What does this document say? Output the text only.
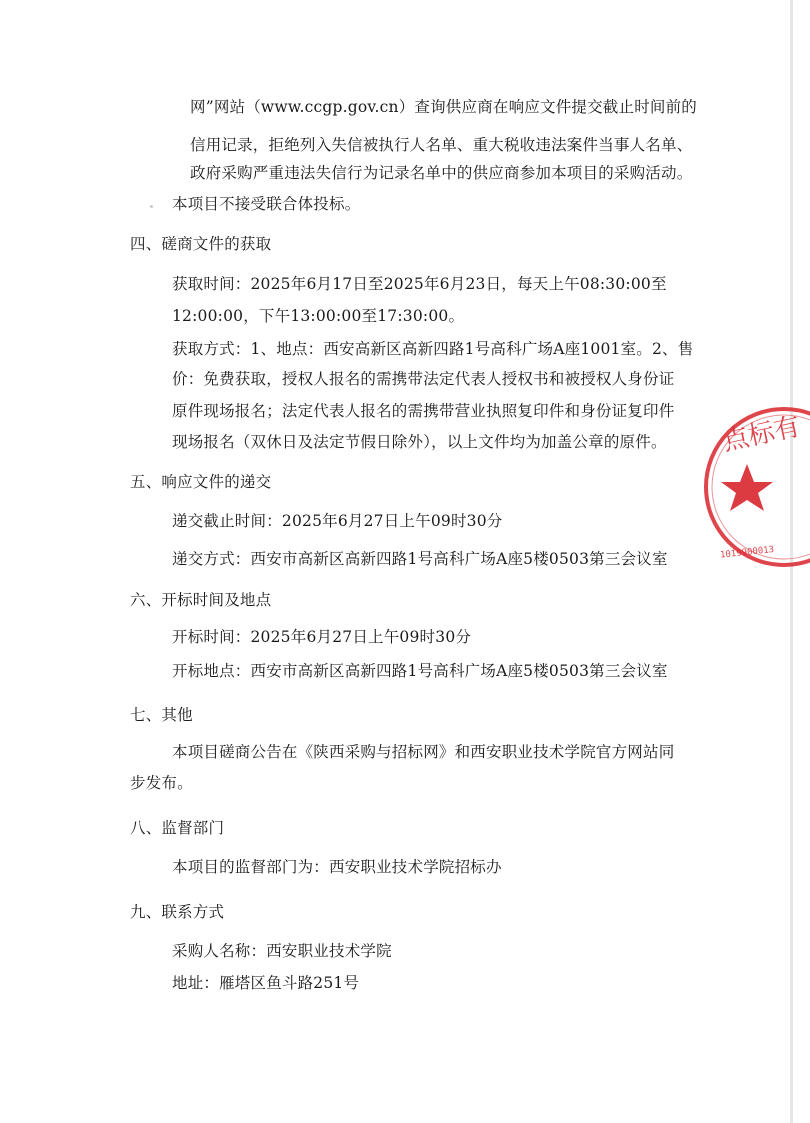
网”网站（www.ccgp.gov.cn）查询供应商在响应文件提交截止时间前的
信用记录，拒绝列入失信被执行人名单、重大税收违法案件当事人名单、
政府采购严重违法失信行为记录名单中的供应商参加本项目的采购活动。
本项目不接受联合体投标。
四、磋商文件的获取
获取时间：2025年6月17日至2025年6月23日，每天上午08:30:00至
12:00:00，下午13:00:00至17:30:00。
获取方式：1、地点：西安高新区高新四路1号高科广场A座1001室。2、售
价：免费获取，授权人报名的需携带法定代表人授权书和被授权人身份证
原件现场报名；法定代表人报名的需携带营业执照复印件和身份证复印件
现场报名（双休日及法定节假日除外），以上文件均为加盖公章的原件。
五、响应文件的递交
递交截止时间：2025年6月27日上午09时30分
递交方式：西安市高新区高新四路1号高科广场A座5楼0503第三会议室
六、开标时间及地点
开标时间：2025年6月27日上午09时30分
开标地点：西安市高新区高新四路1号高科广场A座5楼0503第三会议室
七、其他
本项目磋商公告在《陕西采购与招标网》和西安职业技术学院官方网站同
步发布。
八、监督部门
本项目的监督部门为：西安职业技术学院招标办
九、联系方式
采购人名称：西安职业技术学院
地址：雁塔区鱼斗路251号
点标有
1019900013
